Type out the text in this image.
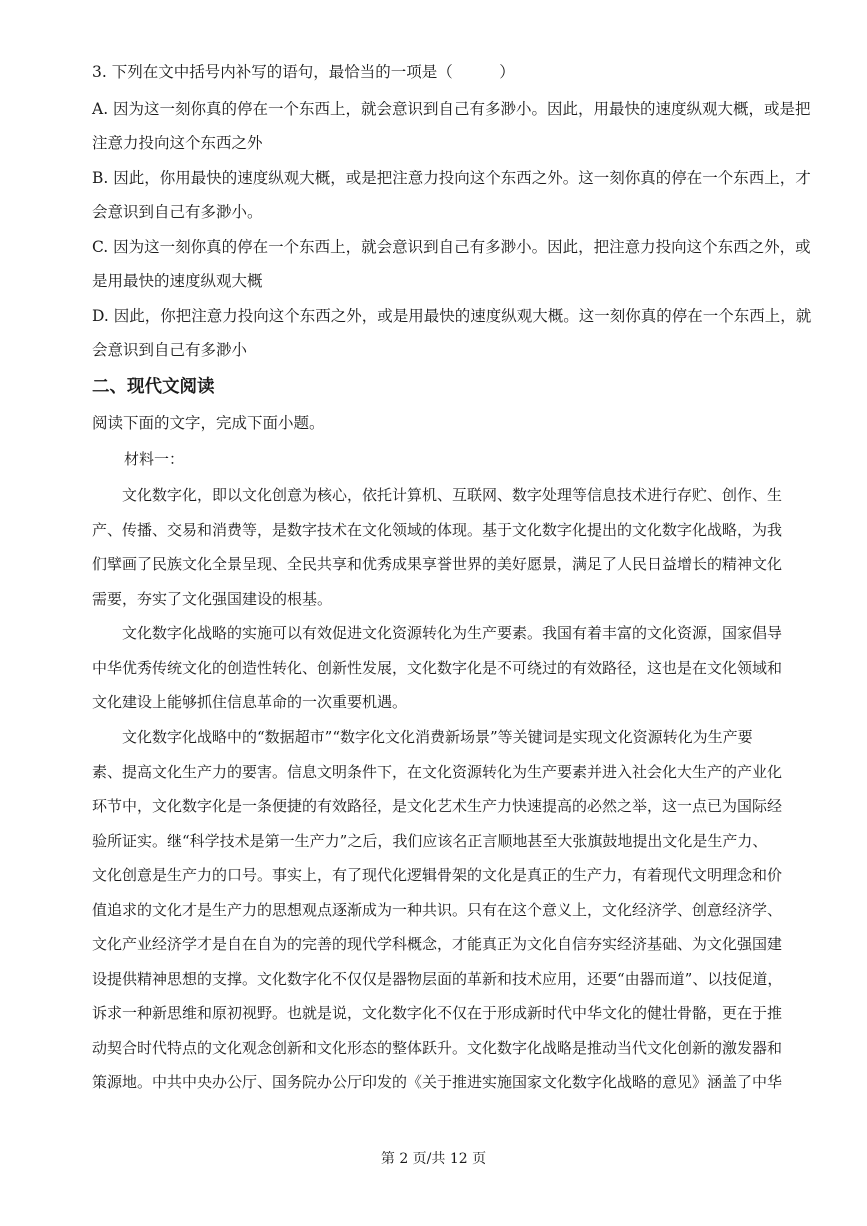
3. 下列在文中括号内补写的语句，最恰当的一项是（　　　）
A. 因为这一刻你真的停在一个东西上，就会意识到自己有多渺小。因此，用最快的速度纵观大概，或是把
注意力投向这个东西之外
B. 因此，你用最快的速度纵观大概，或是把注意力投向这个东西之外。这一刻你真的停在一个东西上，才
会意识到自己有多渺小。
C. 因为这一刻你真的停在一个东西上，就会意识到自己有多渺小。因此，把注意力投向这个东西之外，或
是用最快的速度纵观大概
D. 因此，你把注意力投向这个东西之外，或是用最快的速度纵观大概。这一刻你真的停在一个东西上，就
会意识到自己有多渺小
二、现代文阅读
阅读下面的文字，完成下面小题。
材料一：
　　文化数字化，即以文化创意为核心，依托计算机、互联网、数字处理等信息技术进行存贮、创作、生
产、传播、交易和消费等，是数字技术在文化领域的体现。基于文化数字化提出的文化数字化战略，为我
们擘画了民族文化全景呈现、全民共享和优秀成果享誉世界的美好愿景，满足了人民日益增长的精神文化
需要，夯实了文化强国建设的根基。
　　文化数字化战略的实施可以有效促进文化资源转化为生产要素。我国有着丰富的文化资源，国家倡导
中华优秀传统文化的创造性转化、创新性发展，文化数字化是不可绕过的有效路径，这也是在文化领域和
文化建设上能够抓住信息革命的一次重要机遇。
　　文化数字化战略中的“数据超市”“数字化文化消费新场景”等关键词是实现文化资源转化为生产要
素、提高文化生产力的要害。信息文明条件下，在文化资源转化为生产要素并进入社会化大生产的产业化
环节中，文化数字化是一条便捷的有效路径，是文化艺术生产力快速提高的必然之举，这一点已为国际经
验所证实。继“科学技术是第一生产力”之后，我们应该名正言顺地甚至大张旗鼓地提出文化是生产力、
文化创意是生产力的口号。事实上，有了现代化逻辑骨架的文化是真正的生产力，有着现代文明理念和价
值追求的文化才是生产力的思想观点逐渐成为一种共识。只有在这个意义上，文化经济学、创意经济学、
文化产业经济学才是自在自为的完善的现代学科概念，才能真正为文化自信夯实经济基础、为文化强国建
设提供精神思想的支撑。文化数字化不仅仅是器物层面的革新和技术应用，还要“由器而道”、以技促道，
诉求一种新思维和原初视野。也就是说，文化数字化不仅在于形成新时代中华文化的健壮骨骼，更在于推
动契合时代特点的文化观念创新和文化形态的整体跃升。文化数字化战略是推动当代文化创新的激发器和
策源地。中共中央办公厅、国务院办公厅印发的《关于推进实施国家文化数字化战略的意见》涵盖了中华
第 2 页/共 12 页
